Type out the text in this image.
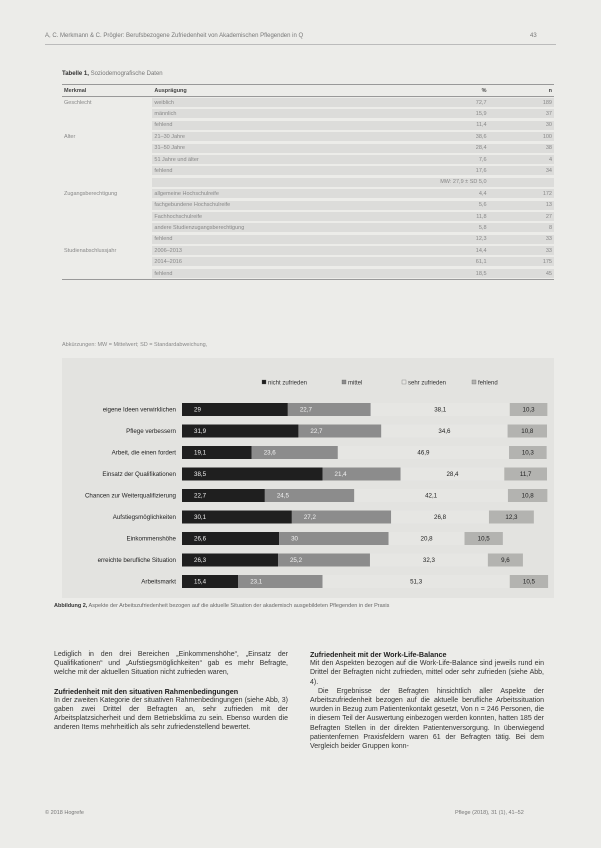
A, C. Merkmann & C. Prögler: Berufsbezogene Zufriedenheit von Akademischen Pflegenden in Q	43
Tabelle 1, Soziodemografische Daten
Merkmal	Ausprägung	%	n
Geschlecht	weiblich	72,7	189
	männlich	15,9	37
	fehlend	11,4	30
Alter	21–30 Jahre	38,6	100
	31–50 Jahre	28,4	38
	51 Jahre und älter	7,6	4
	fehlend	17,6	34
		MW: 27,9 ± SD 5,0	
Zugangsberechtigung	allgemeine Hochschulreife	4,4	172
	fachgebundene Hochschulreife	5,6	13
	Fachhochschulreife	11,8	27
	andere Studienzugangsberechtigung	5,8	8
	fehlend	12,3	33
Studienabschlussjahr	2006–2013	14,4	33
	2014–2016	61,1	175
	fehlend	18,5	45
Abkürzungen: MW = Mittelwert; SD = Standardabweichung,
nicht zufrieden	mittel	sehr zufrieden	fehlend
eigene Ideen verwirklichen	29	22,7	38,1	10,3
Pflege verbessern	31,9	22,7	34,6	10,8
Arbeit, die einen fordert	19,1	23,6	46,9	10,3
Einsatz der Qualifikationen	38,5	21,4	28,4	11,7
Chancen zur Weiterqualifizierung	22,7	24,5	42,1	10,8
Aufstiegsmöglichkeiten	30,1	27,2	26,8	12,3
Einkommenshöhe	26,6	30	20,8	10,5
erreichte berufliche Situation	26,3	25,2	32,3	9,6
Arbeitsmarkt	15,4	23,1	51,3	10,5
Abbildung 2, Aspekte der Arbeitszufriedenheit bezogen auf die aktuelle Situation der akademisch ausgebildeten Pflegenden in der Praxis

Lediglich in den drei Bereichen „Einkommenshöhe“, „Einsatz der Qualifikationen“ und „Aufstiegsmöglichkeiten“ gab es mehr Befragte, welche mit der aktuellen Situation nicht zufrieden waren,

Zufriedenheit mit den situativen Rahmenbedingungen

In der zweiten Kategorie der situativen Rahmenbedingungen (siehe Abb, 3) gaben zwei Drittel der Befragten an, sehr zufrieden mit der Arbeitsplatzsicherheit und dem Betriebsklima zu sein. Ebenso wurden die anderen Items mehrheitlich als sehr zufriedenstellend bewertet.

Zufriedenheit mit der Work-Life-Balance

Mit den Aspekten bezogen auf die Work-Life-Balance sind jeweils rund ein Drittel der Befragten nicht zufrieden, mittel oder sehr zufrieden (siehe Abb, 4).

Die Ergebnisse der Befragten hinsichtlich aller Aspekte der Arbeitszufriedenheit bezogen auf die aktuelle berufliche Arbeitssituation wurden in Bezug zum Patientenkontakt gesetzt, Von n = 246 Personen, die in diesem Teil der Auswertung einbezogen werden konnten, hatten 185 der Befragten Stellen in der direkten Patientenversorgung. In überwiegend patientenfernen Praxisfeldern waren 61 der Befragten tätig. Bei dem Vergleich beider Gruppen konn-

© 2018 Hogrefe	Pflege (2018), 31 (1), 41–52
